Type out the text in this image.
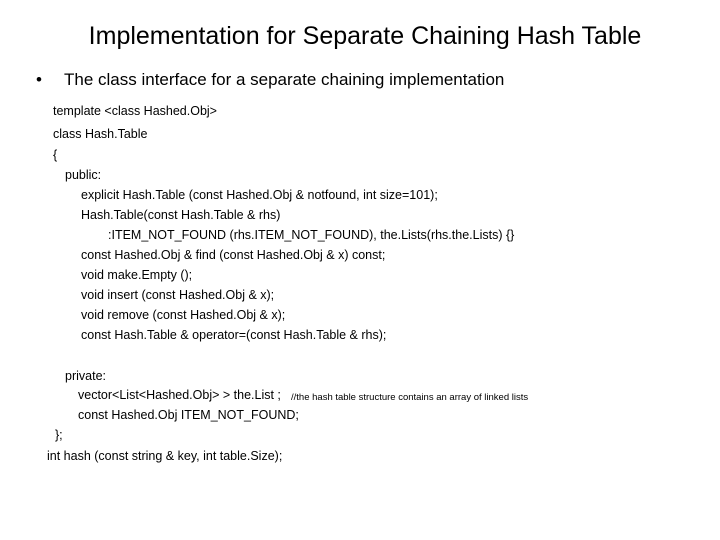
Implementation for Separate Chaining Hash Table
• The class interface for a separate chaining implementation
template <class Hashed.Obj>
class Hash.Table
{
public:
explicit Hash.Table (const Hashed.Obj & notfound, int size=101);
Hash.Table(const Hash.Table & rhs)
:ITEM_NOT_FOUND (rhs.ITEM_NOT_FOUND), the.Lists(rhs.the.Lists) {}
const Hashed.Obj & find (const Hashed.Obj & x) const;
void make.Empty ();
void insert (const Hashed.Obj & x);
void remove (const Hashed.Obj & x);
const Hash.Table & operator=(const Hash.Table & rhs);
private:
vector<List<Hashed.Obj> > the.List ; //the hash table structure contains an array of linked lists
const Hashed.Obj ITEM_NOT_FOUND;
};
int hash (const string & key, int table.Size);
